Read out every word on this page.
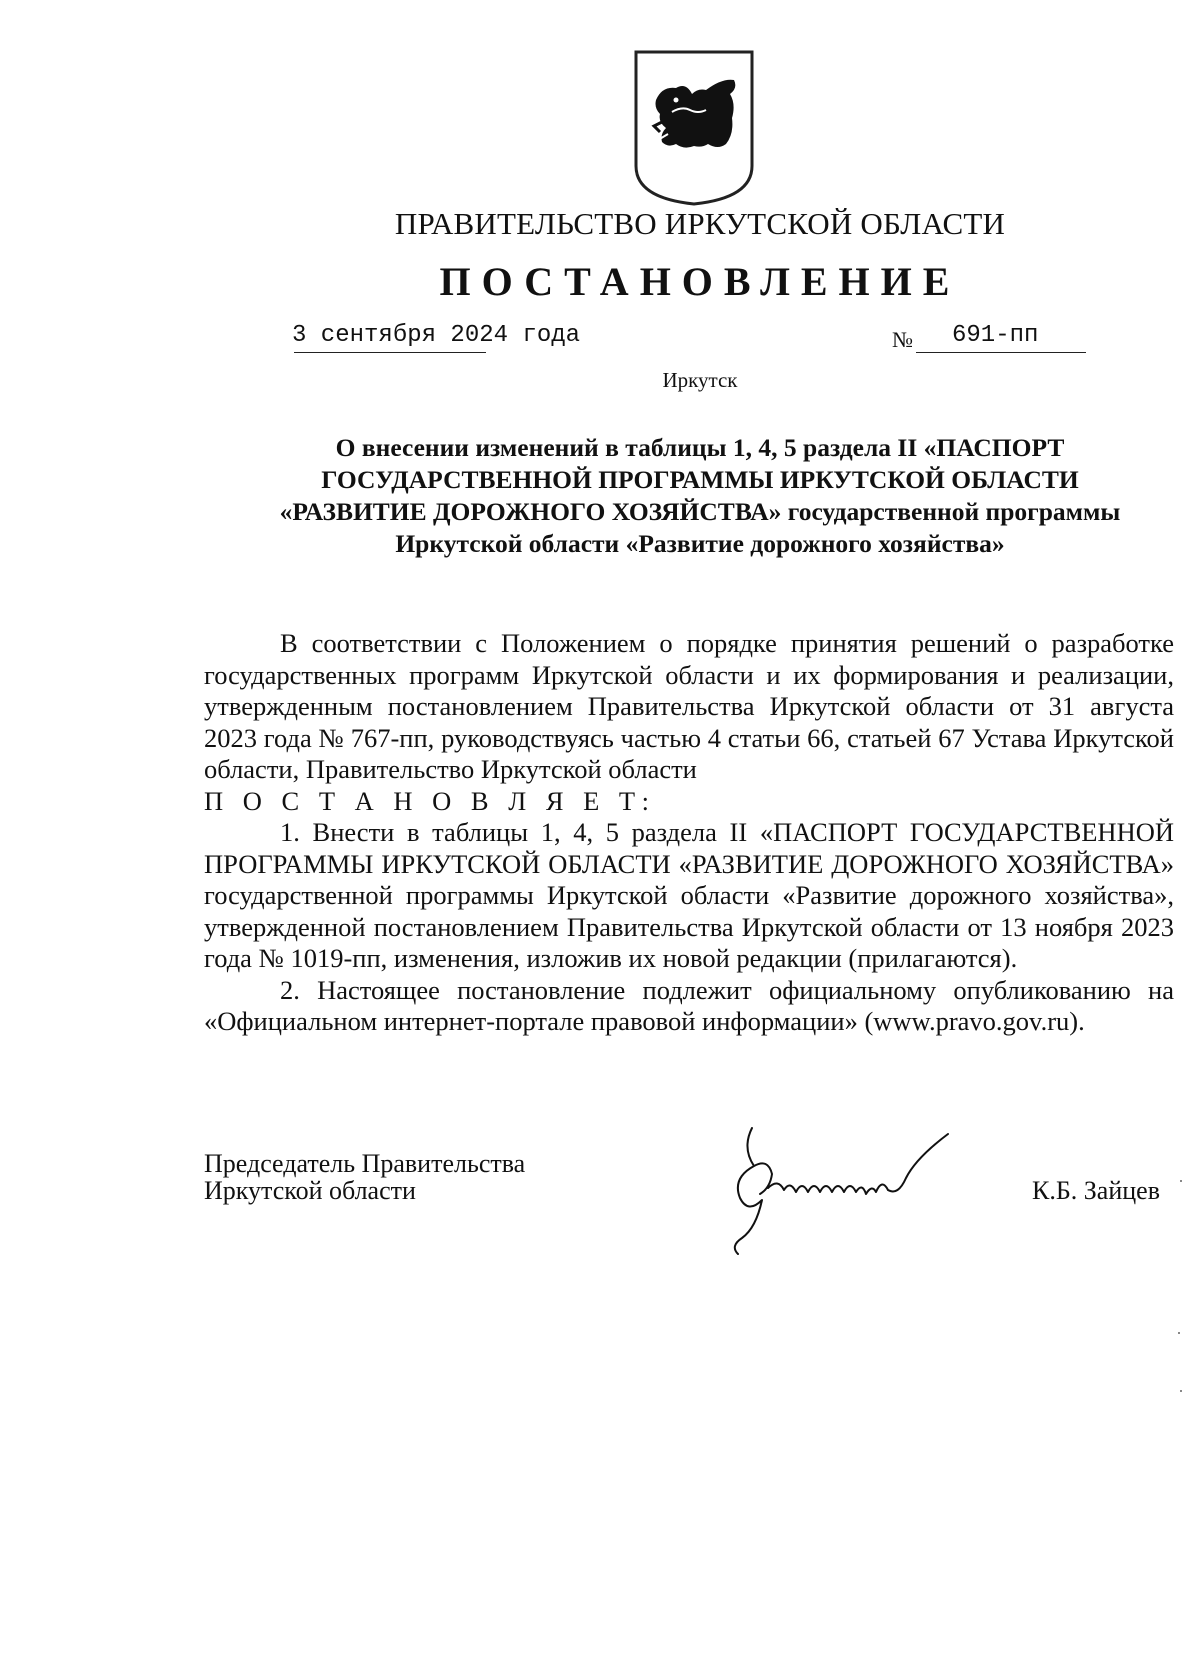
ПРАВИТЕЛЬСТВО ИРКУТСКОЙ ОБЛАСТИ
ПОСТАНОВЛЕНИЕ
3 сентября 2024 года	№ 691-пп
Иркутск
О внесении изменений в таблицы 1, 4, 5 раздела II «ПАСПОРТ
ГОСУДАРСТВЕННОЙ ПРОГРАММЫ ИРКУТСКОЙ ОБЛАСТИ
«РАЗВИТИЕ ДОРОЖНОГО ХОЗЯЙСТВА» государственной программы
Иркутской области «Развитие дорожного хозяйства»

В соответствии с Положением о порядке принятия решений о разработке государственных программ Иркутской области и их формирования и реализации, утвержденным постановлением Правительства Иркутской области от 31 августа 2023 года № 767-пп, руководствуясь частью 4 статьи 66, статьей 67 Устава Иркутской области, Правительство Иркутской области

П О С Т А Н О В Л Я Е Т:

1. Внести в таблицы 1, 4, 5 раздела II «ПАСПОРТ ГОСУДАРСТВЕННОЙ ПРОГРАММЫ ИРКУТСКОЙ ОБЛАСТИ «РАЗВИТИЕ ДОРОЖНОГО ХОЗЯЙСТВА» государственной программы Иркутской области «Развитие дорожного хозяйства», утвержденной постановлением Правительства Иркутской области от 13 ноября 2023 года № 1019-пп, изменения, изложив их новой редакции (прилагаются).

2. Настоящее постановление подлежит официальному опубликованию на «Официальном интернет-портале правовой информации» (www.pravo.gov.ru).

Председатель Правительства
Иркутской области	К.Б. Зайцев
